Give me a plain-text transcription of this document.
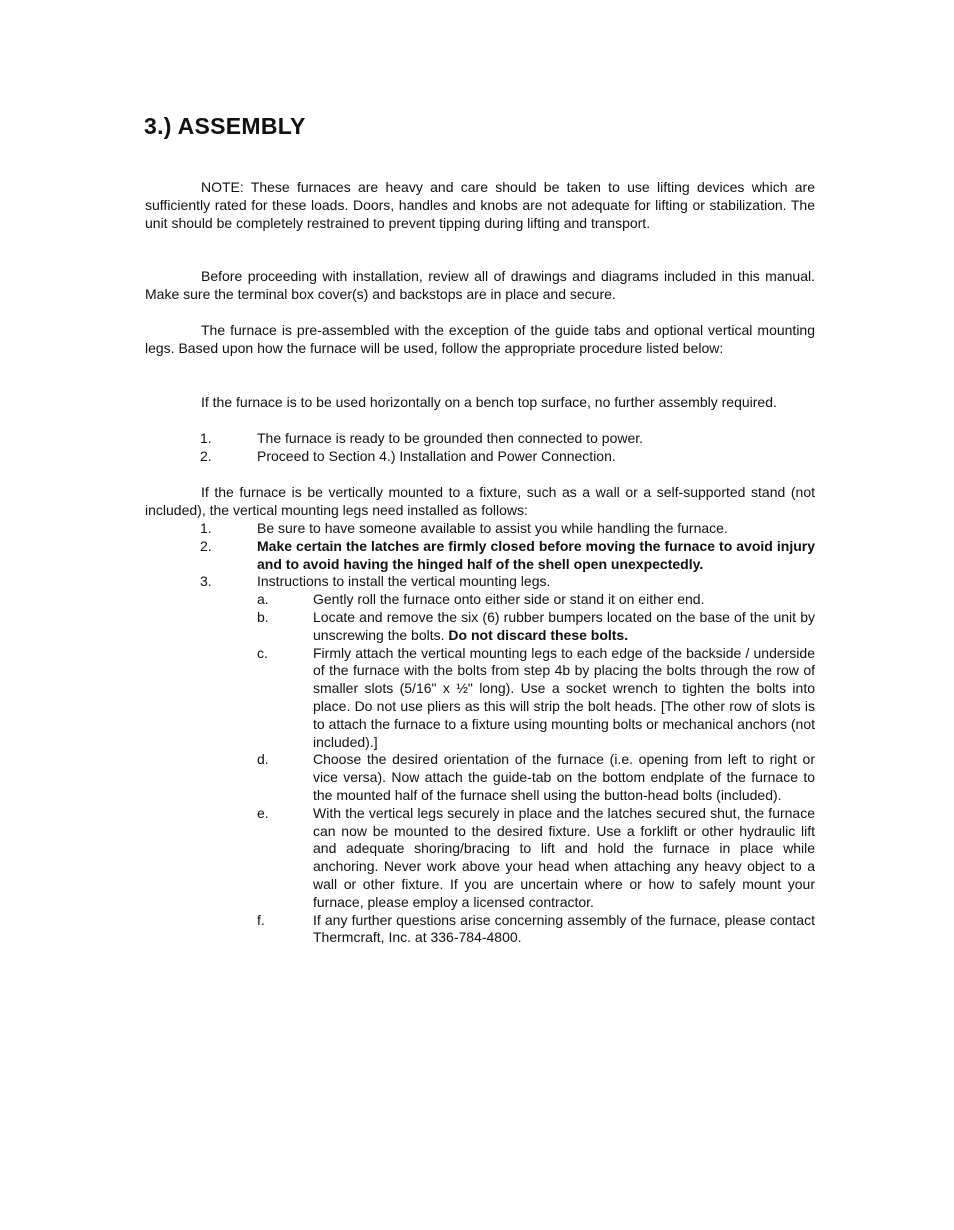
3.) ASSEMBLY

NOTE: These furnaces are heavy and care should be taken to use lifting devices which are sufficiently rated for these loads. Doors, handles and knobs are not adequate for lifting or stabilization. The unit should be completely restrained to prevent tipping during lifting and transport.

Before proceeding with installation, review all of drawings and diagrams included in this manual. Make sure the terminal box cover(s) and backstops are in place and secure.

The furnace is pre-assembled with the exception of the guide tabs and optional vertical mounting legs. Based upon how the furnace will be used, follow the appropriate procedure listed below:

If the furnace is to be used horizontally on a bench top surface, no further assembly required.

1.	The furnace is ready to be grounded then connected to power.
2.	Proceed to Section 4.) Installation and Power Connection.

If the furnace is be vertically mounted to a fixture, such as a wall or a self-supported stand (not included), the vertical mounting legs need installed as follows:

1.	Be sure to have someone available to assist you while handling the furnace.
2.	Make certain the latches are firmly closed before moving the furnace to avoid injury and to avoid having the hinged half of the shell open unexpectedly.
3.	Instructions to install the vertical mounting legs.
a.	Gently roll the furnace onto either side or stand it on either end.
b.	Locate and remove the six (6) rubber bumpers located on the base of the unit by unscrewing the bolts. Do not discard these bolts.
c.	Firmly attach the vertical mounting legs to each edge of the backside / underside of the furnace with the bolts from step 4b by placing the bolts through the row of smaller slots (5/16" x ½" long). Use a socket wrench to tighten the bolts into place. Do not use pliers as this will strip the bolt heads. [The other row of slots is to attach the furnace to a fixture using mounting bolts or mechanical anchors (not included).]
d.	Choose the desired orientation of the furnace (i.e. opening from left to right or vice versa). Now attach the guide-tab on the bottom endplate of the furnace to the mounted half of the furnace shell using the button-head bolts (included).
e.	With the vertical legs securely in place and the latches secured shut, the furnace can now be mounted to the desired fixture. Use a forklift or other hydraulic lift and adequate shoring/bracing to lift and hold the furnace in place while anchoring. Never work above your head when attaching any heavy object to a wall or other fixture. If you are uncertain where or how to safely mount your furnace, please employ a licensed contractor.
f.	If any further questions arise concerning assembly of the furnace, please contact Thermcraft, Inc. at 336-784-4800.
